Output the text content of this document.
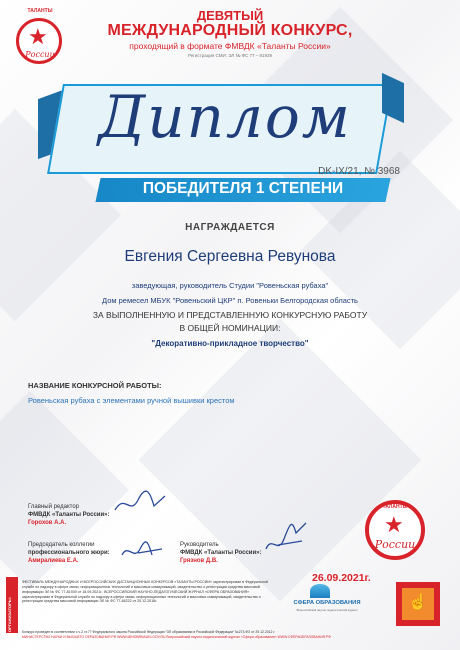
ТАЛАНТЫ
★
России
ДЕВЯТЫЙ
МЕЖДУНАРОДНЫЙ КОНКУРС,
проходящий в формате ФМВДК «Таланты России»
Регистрация СМИ: ЭЛ № ФС 77 – 81939
Диплом
DK-IX/21, № 3968
ПОБЕДИТЕЛЯ 1 СТЕПЕНИ
НАГРАЖДАЕТСЯ
Евгения Сергеевна Ревунова
заведующая, руководитель Студии "Ровеньская рубаха"
Дом ремесел МБУК "Ровеньский ЦКР" п. Ровеньки Белгородская область
ЗА ВЫПОЛНЕННУЮ И ПРЕДСТАВЛЕННУЮ КОНКУРСНУЮ РАБОТУ
В ОБЩЕЙ НОМИНАЦИИ:
"Декоративно-прикладное творчество"
НАЗВАНИЕ КОНКУРСНОЙ РАБОТЫ:
Ровеньская рубаха с элементами ручной вышивки крестом
Главный редактор
ФМВДК «Таланты России»:
Горохов А.А.
Председатель коллегии
профессионального жюри:
Амиралиева Е.А.
Руководитель
ФМВДК «Таланты России»:
Грязнов Д.В.
ТАЛАНТЫ
★
России
26.09.2021г.
ОРГАНИЗАТОРЫ:
ФЕСТИВАЛЬ МЕЖДУНАРОДНЫХ И ВСЕРОССИЙСКИХ ДИСТАНЦИОННЫХ КОНКУРСОВ «ТАЛАНТЫ РОССИИ» зарегистрирован в Федеральной службе по надзору в сфере связи, информационных технологий и массовых коммуникаций, свидетельство о регистрации средства массовой информации ЭЛ № ФС 77-81939 от 18.09.2021г.; ВСЕРОССИЙСКИЙ НАУЧНО-ПЕДАГОГИЧЕСКИЙ ЖУРНАЛ «СФЕРА ОБРАЗОВАНИЯ» зарегистрирован в Федеральной службе по надзору в сфере связи, информационных технологий и массовых коммуникаций, свидетельство о регистрации средства массовой информации ЭЛ № ФС 77-84222 от 25.12.2016г.	СФЕРА ОБРАЗОВАНИЯ
Всероссийский научно-педагогический журнал	☝
Конкурс проведен в соответствии с ч.2 ст.77 Федерального закона Российской Федерации "Об образовании в Российской Федерации" №273-ФЗ от 29.12.2012 г.
МИНИСТЕРСТВО НАУКИ И ВЫСШЕГО ОБРАЗОВАНИЯ РФ WWW.MINOBRNAUKI.GOV.RU Всероссийский научно-педагогический журнал «Сфера образования» WWW.СФЕРАОБРАЗОВАНИЯ.РФ
